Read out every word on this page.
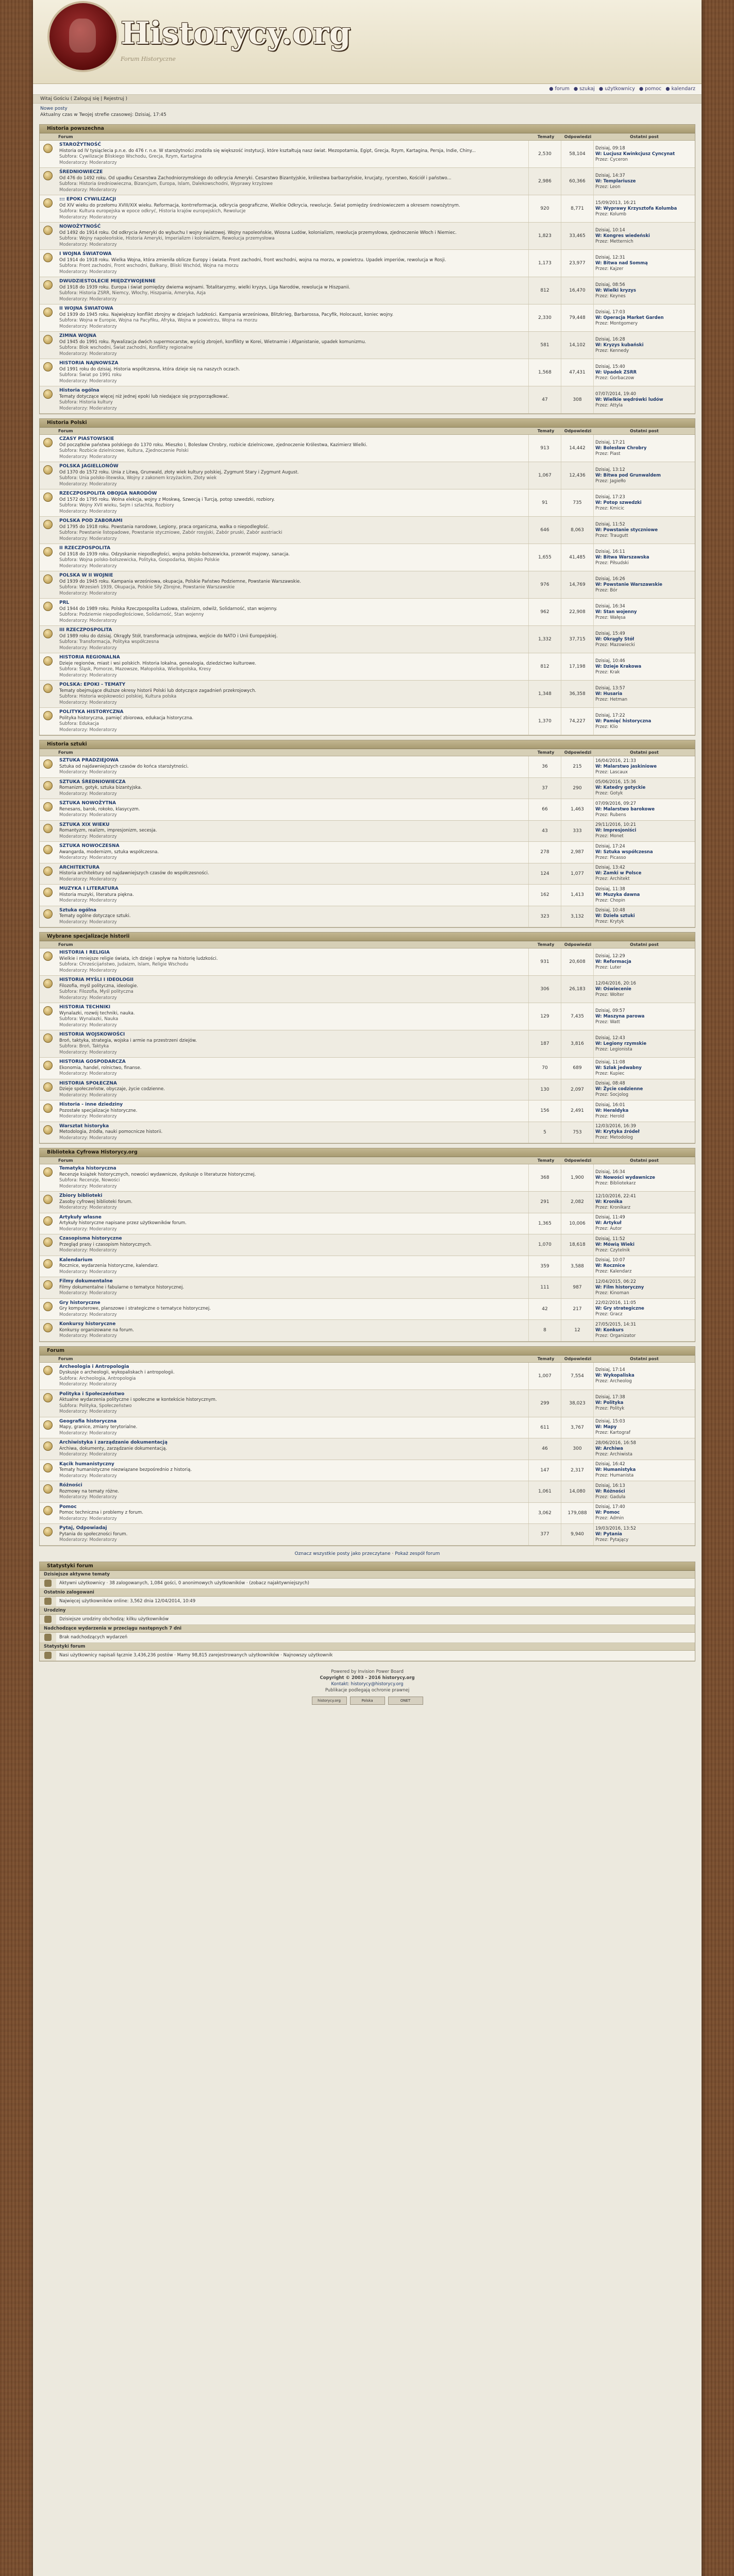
Historycy.org
Forum Historyczne
● forum ● szukaj ● użytkownicy ● pomoc ● kalendarz
Witaj Gościu ( Zaloguj się | Rejestruj )
Nowe posty
Aktualny czas w Twojej strefie czasowej: Dzisiaj, 17:45
Historia powszechna
Forum	Tematy	Odpowiedzi	Ostatni post
STAROŻYTNOŚĆ
Historia od IV tysiąclecia p.n.e. do 476 r. n.e. W starożytności zrodziła się większość instytucji, które kształtują nasz świat. Mezopotamia, Egipt, Grecja, Rzym, Kartagina, Persja, Indie, Chiny...
Subfora: Cywilizacje Bliskiego Wschodu, Grecja, Rzym, Kartagina
Moderatorzy: Moderatorzy
2,530	58,104
Dzisiaj, 09:18
W: Lucjusz Kwinkcjusz Cyncynat
Przez: Cyceron
ŚREDNIOWIECZE
Od 476 do 1492 roku. Od upadku Cesarstwa Zachodniorzymskiego do odkrycia Ameryki. Cesarstwo Bizantyjskie, królestwa barbarzyńskie, krucjaty, rycerstwo, Kościół i państwo...
Subfora: Historia średniowieczna, Bizancjum, Europa, Islam, Dalekowschodni, Wyprawy krzyżowe
Moderatorzy: Moderatorzy
2,986	60,366
Dzisiaj, 14:37
W: Templariusze
Przez: Leon
::: EPOKI CYWILIZACJI
Od XIV wieku do przełomu XVIII/XIX wieku. Reformacja, kontrreformacja, odkrycia geograficzne, Wielkie Odkrycia, rewolucje. Świat pomiędzy średniowieczem a okresem nowożytnym.
Subfora: Kultura europejska w epoce odkryć, Historia krajów europejskich, Rewolucje
Moderatorzy: Moderatorzy
920	8,771
15/09/2013, 16:21
W: Wyprawy Krzysztofa Kolumba
Przez: Kolumb
NOWOŻYTNOŚĆ
Od 1492 do 1914 roku. Od odkrycia Ameryki do wybuchu I wojny światowej. Wojny napoleońskie, Wiosna Ludów, kolonializm, rewolucja przemysłowa, zjednoczenie Włoch i Niemiec.
Subfora: Wojny napoleońskie, Historia Ameryki, Imperializm i kolonializm, Rewolucja przemysłowa
Moderatorzy: Moderatorzy
1,823	33,465
Dzisiaj, 10:14
W: Kongres wiedeński
Przez: Metternich
I WOJNA ŚWIATOWA
Od 1914 do 1918 roku. Wielka Wojna, która zmieniła oblicze Europy i świata. Front zachodni, front wschodni, wojna na morzu, w powietrzu. Upadek imperiów, rewolucja w Rosji.
Subfora: Front zachodni, Front wschodni, Bałkany, Bliski Wschód, Wojna na morzu
Moderatorzy: Moderatorzy
1,173	23,977
Dzisiaj, 12:31
W: Bitwa nad Sommą
Przez: Kajzer
DWUDZIESTOLECIE MIĘDZYWOJENNE
Od 1918 do 1939 roku. Europa i świat pomiędzy dwiema wojnami. Totalitaryzmy, wielki kryzys, Liga Narodów, rewolucja w Hiszpanii.
Subfora: Historia ZSRR, Niemcy, Włochy, Hiszpania, Ameryka, Azja
Moderatorzy: Moderatorzy
812	16,470
Dzisiaj, 08:56
W: Wielki kryzys
Przez: Keynes
II WOJNA ŚWIATOWA
Od 1939 do 1945 roku. Największy konflikt zbrojny w dziejach ludzkości. Kampania wrześniowa, Blitzkrieg, Barbarossa, Pacyfik, Holocaust, koniec wojny.
Subfora: Wojna w Europie, Wojna na Pacyfiku, Afryka, Wojna w powietrzu, Wojna na morzu
Moderatorzy: Moderatorzy
2,330	79,448
Dzisiaj, 17:03
W: Operacja Market Garden
Przez: Montgomery
ZIMNA WOJNA
Od 1945 do 1991 roku. Rywalizacja dwóch supermocarstw, wyścig zbrojeń, konflikty w Korei, Wietnamie i Afganistanie, upadek komunizmu.
Subfora: Blok wschodni, Świat zachodni, Konflikty regionalne
Moderatorzy: Moderatorzy
581	14,102
Dzisiaj, 16:28
W: Kryzys kubański
Przez: Kennedy
HISTORIA NAJNOWSZA
Od 1991 roku do dzisiaj. Historia współczesna, która dzieje się na naszych oczach.
Subfora: Świat po 1991 roku
Moderatorzy: Moderatorzy
1,568	47,431
Dzisiaj, 15:40
W: Upadek ZSRR
Przez: Gorbaczow
Historia ogólna
Tematy dotyczące więcej niż jednej epoki lub niedające się przyporządkować.
Subfora: Historia kultury
Moderatorzy: Moderatorzy
47	308
07/07/2014, 19:40
W: Wielkie wędrówki ludów
Przez: Attyla
Historia Polski
Forum	Tematy	Odpowiedzi	Ostatni post
CZASY PIASTOWSKIE
Od początków państwa polskiego do 1370 roku. Mieszko I, Bolesław Chrobry, rozbicie dzielnicowe, zjednoczenie Królestwa, Kazimierz Wielki.
Subfora: Rozbicie dzielnicowe, Kultura, Zjednoczenie Polski
Moderatorzy: Moderatorzy
913	14,442
Dzisiaj, 17:21
W: Bolesław Chrobry
Przez: Piast
POLSKA JAGIELLONÓW
Od 1370 do 1572 roku. Unia z Litwą, Grunwald, złoty wiek kultury polskiej, Zygmunt Stary i Zygmunt August.
Subfora: Unia polsko-litewska, Wojny z zakonem krzyżackim, Złoty wiek
Moderatorzy: Moderatorzy
1,067	12,436
Dzisiaj, 13:12
W: Bitwa pod Grunwaldem
Przez: Jagiełło
RZECZPOSPOLITA OBOJGA NARODÓW
Od 1572 do 1795 roku. Wolna elekcja, wojny z Moskwą, Szwecją i Turcją, potop szwedzki, rozbiory.
Subfora: Wojny XVII wieku, Sejm i szlachta, Rozbiory
Moderatorzy: Moderatorzy
91	735
Dzisiaj, 17:23
W: Potop szwedzki
Przez: Kmicic
POLSKA POD ZABORAMI
Od 1795 do 1918 roku. Powstania narodowe, Legiony, praca organiczna, walka o niepodległość.
Subfora: Powstanie listopadowe, Powstanie styczniowe, Zabór rosyjski, Zabór pruski, Zabór austriacki
Moderatorzy: Moderatorzy
646	8,063
Dzisiaj, 11:52
W: Powstanie styczniowe
Przez: Traugutt
II RZECZPOSPOLITA
Od 1918 do 1939 roku. Odzyskanie niepodległości, wojna polsko-bolszewicka, przewrót majowy, sanacja.
Subfora: Wojna polsko-bolszewicka, Polityka, Gospodarka, Wojsko Polskie
Moderatorzy: Moderatorzy
1,655	41,485
Dzisiaj, 16:11
W: Bitwa Warszawska
Przez: Piłsudski
POLSKA W II WOJNIE
Od 1939 do 1945 roku. Kampania wrześniowa, okupacja, Polskie Państwo Podziemne, Powstanie Warszawskie.
Subfora: Wrzesień 1939, Okupacja, Polskie Siły Zbrojne, Powstanie Warszawskie
Moderatorzy: Moderatorzy
976	14,769
Dzisiaj, 16:26
W: Powstanie Warszawskie
Przez: Bór
PRL
Od 1944 do 1989 roku. Polska Rzeczpospolita Ludowa, stalinizm, odwilż, Solidarność, stan wojenny.
Subfora: Podziemie niepodległościowe, Solidarność, Stan wojenny
Moderatorzy: Moderatorzy
962	22,908
Dzisiaj, 16:34
W: Stan wojenny
Przez: Wałęsa
III RZECZPOSPOLITA
Od 1989 roku do dzisiaj. Okrągły Stół, transformacja ustrojowa, wejście do NATO i Unii Europejskiej.
Subfora: Transformacja, Polityka współczesna
Moderatorzy: Moderatorzy
1,332	37,715
Dzisiaj, 15:49
W: Okrągły Stół
Przez: Mazowiecki
HISTORIA REGIONALNA
Dzieje regionów, miast i wsi polskich. Historia lokalna, genealogia, dziedzictwo kulturowe.
Subfora: Śląsk, Pomorze, Mazowsze, Małopolska, Wielkopolska, Kresy
Moderatorzy: Moderatorzy
812	17,198
Dzisiaj, 10:46
W: Dzieje Krakowa
Przez: Krak
POLSKA: EPOKI - TEMATY
Tematy obejmujące dłuższe okresy historii Polski lub dotyczące zagadnień przekrojowych.
Subfora: Historia wojskowości polskiej, Kultura polska
Moderatorzy: Moderatorzy
1,348	36,358
Dzisiaj, 13:57
W: Husaria
Przez: Hetman
POLITYKA HISTORYCZNA
Polityka historyczna, pamięć zbiorowa, edukacja historyczna.
Subfora: Edukacja
Moderatorzy: Moderatorzy
1,370	74,227
Dzisiaj, 17:22
W: Pamięć historyczna
Przez: Klio
Historia sztuki
Forum	Tematy	Odpowiedzi	Ostatni post
SZTUKA PRADZIEJOWA
Sztuka od najdawniejszych czasów do końca starożytności.
Moderatorzy: Moderatorzy
36	215
16/04/2016, 21:33
W: Malarstwo jaskiniowe
Przez: Lascaux
SZTUKA ŚREDNIOWIECZA
Romanizm, gotyk, sztuka bizantyjska.
Moderatorzy: Moderatorzy
37	290
05/06/2016, 15:36
W: Katedry gotyckie
Przez: Gotyk
SZTUKA NOWOŻYTNA
Renesans, barok, rokoko, klasycyzm.
Moderatorzy: Moderatorzy
66	1,463
07/09/2016, 09:27
W: Malarstwo barokowe
Przez: Rubens
SZTUKA XIX WIEKU
Romantyzm, realizm, impresjonizm, secesja.
Moderatorzy: Moderatorzy
43	333
29/11/2016, 10:21
W: Impresjoniści
Przez: Monet
SZTUKA NOWOCZESNA
Awangarda, modernizm, sztuka współczesna.
Moderatorzy: Moderatorzy
278	2,987
Dzisiaj, 17:24
W: Sztuka współczesna
Przez: Picasso
ARCHITEKTURA
Historia architektury od najdawniejszych czasów do współczesności.
Moderatorzy: Moderatorzy
124	1,077
Dzisiaj, 13:42
W: Zamki w Polsce
Przez: Architekt
MUZYKA I LITERATURA
Historia muzyki, literatura piękna.
Moderatorzy: Moderatorzy
162	1,413
Dzisiaj, 11:38
W: Muzyka dawna
Przez: Chopin
Sztuka ogólna
Tematy ogólne dotyczące sztuki.
Moderatorzy: Moderatorzy
323	3,132
Dzisiaj, 10:48
W: Dzieła sztuki
Przez: Krytyk
Wybrane specjalizacje historii
Forum	Tematy	Odpowiedzi	Ostatni post
HISTORIA I RELIGIA
Wielkie i mniejsze religie świata, ich dzieje i wpływ na historię ludzkości.
Subfora: Chrześcijaństwo, Judaizm, Islam, Religie Wschodu
Moderatorzy: Moderatorzy
931	20,608
Dzisiaj, 12:29
W: Reformacja
Przez: Luter
HISTORIA MYŚLI I IDEOLOGII
Filozofia, myśl polityczna, ideologie.
Subfora: Filozofia, Myśl polityczna
Moderatorzy: Moderatorzy
306	26,183
12/04/2016, 20:16
W: Oświecenie
Przez: Wolter
HISTORIA TECHNIKI
Wynalazki, rozwój techniki, nauka.
Subfora: Wynalazki, Nauka
Moderatorzy: Moderatorzy
129	7,435
Dzisiaj, 09:57
W: Maszyna parowa
Przez: Watt
HISTORIA WOJSKOWOŚCI
Broń, taktyka, strategia, wojska i armie na przestrzeni dziejów.
Subfora: Broń, Taktyka
Moderatorzy: Moderatorzy
187	3,816
Dzisiaj, 12:43
W: Legiony rzymskie
Przez: Legionista
HISTORIA GOSPODARCZA
Ekonomia, handel, rolnictwo, finanse.
Moderatorzy: Moderatorzy
70	689
Dzisiaj, 11:08
W: Szlak jedwabny
Przez: Kupiec
HISTORIA SPOŁECZNA
Dzieje społeczeństw, obyczaje, życie codzienne.
Moderatorzy: Moderatorzy
130	2,097
Dzisiaj, 08:48
W: Życie codzienne
Przez: Socjolog
Historia - inne dziedziny
Pozostałe specjalizacje historyczne.
Moderatorzy: Moderatorzy
156	2,491
Dzisiaj, 16:01
W: Heraldyka
Przez: Herold
Warsztat historyka
Metodologia, źródła, nauki pomocnicze historii.
Moderatorzy: Moderatorzy
5	753
12/03/2016, 16:39
W: Krytyka źródeł
Przez: Metodolog
Biblioteka Cyfrowa Historycy.org
Forum	Tematy	Odpowiedzi	Ostatni post
Tematyka historyczna
Recenzje książek historycznych, nowości wydawnicze, dyskusje o literaturze historycznej.
Subfora: Recenzje, Nowości
Moderatorzy: Moderatorzy
368	1,900
Dzisiaj, 16:34
W: Nowości wydawnicze
Przez: Bibliotekarz
Zbiory biblioteki
Zasoby cyfrowej biblioteki forum.
Moderatorzy: Moderatorzy
291	2,082
12/10/2016, 22:41
W: Kronika
Przez: Kronikarz
Artykuły własne
Artykuły historyczne napisane przez użytkowników forum.
Moderatorzy: Moderatorzy
1,365	10,006
Dzisiaj, 11:49
W: Artykuł
Przez: Autor
Czasopisma historyczne
Przegląd prasy i czasopism historycznych.
Moderatorzy: Moderatorzy
1,070	18,618
Dzisiaj, 11:52
W: Mówią Wieki
Przez: Czytelnik
Kalendarium
Rocznice, wydarzenia historyczne, kalendarz.
Moderatorzy: Moderatorzy
359	3,588
Dzisiaj, 10:07
W: Rocznice
Przez: Kalendarz
Filmy dokumentalne
Filmy dokumentalne i fabularne o tematyce historycznej.
Moderatorzy: Moderatorzy
111	987
12/04/2015, 06:22
W: Film historyczny
Przez: Kinoman
Gry historyczne
Gry komputerowe, planszowe i strategiczne o tematyce historycznej.
Moderatorzy: Moderatorzy
42	217
22/02/2016, 11:05
W: Gry strategiczne
Przez: Gracz
Konkursy historyczne
Konkursy organizowane na forum.
Moderatorzy: Moderatorzy
8	12
27/05/2015, 14:31
W: Konkurs
Przez: Organizator
Forum
Forum	Tematy	Odpowiedzi	Ostatni post
Archeologia i Antropologia
Dyskusje o archeologii, wykopaliskach i antropologii.
Subfora: Archeologia, Antropologia
Moderatorzy: Moderatorzy
1,007	7,554
Dzisiaj, 17:14
W: Wykopaliska
Przez: Archeolog
Polityka i Społeczeństwo
Aktualne wydarzenia polityczne i społeczne w kontekście historycznym.
Subfora: Polityka, Społeczeństwo
Moderatorzy: Moderatorzy
299	38,023
Dzisiaj, 17:38
W: Polityka
Przez: Polityk
Geografia historyczna
Mapy, granice, zmiany terytorialne.
Moderatorzy: Moderatorzy
611	3,767
Dzisiaj, 15:03
W: Mapy
Przez: Kartograf
Archiwistyka i zarządzanie dokumentacją
Archiwa, dokumenty, zarządzanie dokumentacją.
Moderatorzy: Moderatorzy
46	300
28/06/2016, 16:58
W: Archiwa
Przez: Archiwista
Kącik humanistyczny
Tematy humanistyczne niezwiązane bezpośrednio z historią.
Moderatorzy: Moderatorzy
147	2,317
Dzisiaj, 16:42
W: Humanistyka
Przez: Humanista
Różności
Rozmowy na tematy różne.
Moderatorzy: Moderatorzy
1,061	14,080
Dzisiaj, 16:13
W: Różności
Przez: Gaduła
Pomoc
Pomoc techniczna i problemy z forum.
Moderatorzy: Moderatorzy
3,062	179,088
Dzisiaj, 17:40
W: Pomoc
Przez: Admin
Pytaj, Odpowiadaj
Pytania do społeczności forum.
Moderatorzy: Moderatorzy
377	9,940
19/03/2016, 13:52
W: Pytania
Przez: Pytający
Oznacz wszystkie posty jako przeczytane · Pokaż zespół forum
Statystyki forum
Dzisiejsze aktywne tematy
Aktywni użytkownicy · 38 zalogowanych, 1,084 gości, 0 anonimowych użytkowników · (zobacz najaktywniejszych)
Ostatnio zalogowani
Najwięcej użytkowników online: 3,562 dnia 12/04/2014, 10:49
Urodziny
Dzisiejsze urodziny obchodzą: kilku użytkowników
Nadchodzące wydarzenia w przeciągu następnych 7 dni
Brak nadchodzących wydarzeń
Statystyki forum
Nasi użytkownicy napisali łącznie 3,436,236 postów · Mamy 98,815 zarejestrowanych użytkowników · Najnowszy użytkownik
Powered by Invision Power Board
Copyright © 2003 - 2016 historycy.org
Kontakt: historycy@historycy.org
Publikacje podlegają ochronie prawnej
historycy.org	Polska	ONET
